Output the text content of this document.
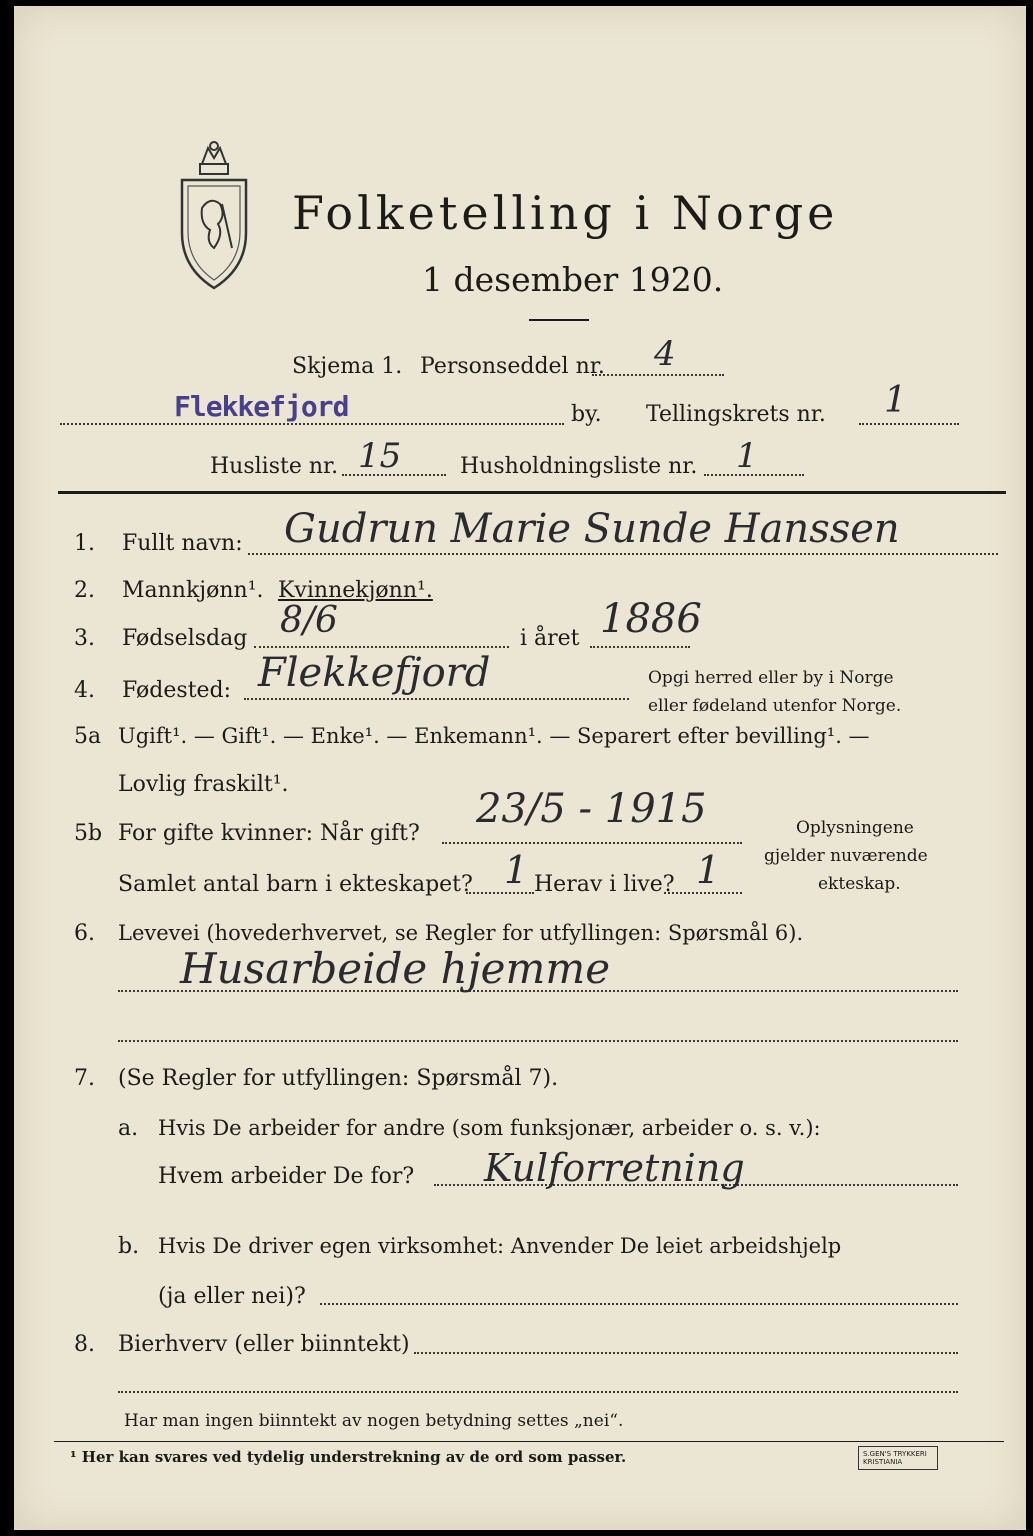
Folketelling i Norge
1 desember 1920.
Skjema 1. Personseddel nr. 4
Flekkefjord	by. Tellingskrets nr. 1
Husliste nr. 15	Husholdningsliste nr. 1
1. Fullt navn: Gudrun Marie Sunde Hanssen
2. Mannkjønn¹. Kvinnekjønn¹.
3. Fødselsdag 8/6	i året 1886
4. Fødested: Flekkefjord	Opgi herred eller by i Norge
eller fødeland utenfor Norge.
5a Ugift¹. — Gift¹. — Enke¹. — Enkemann¹. — Separert efter bevilling¹. —
Lovlig fraskilt¹.
5b For gifte kvinner: Når gift?
23/5 - 1915
Samlet antal barn i ekteskapet? 1 Herav i live? 1
Oplysningene
gjelder nuværende
ekteskap.
6. Levevei (hovederhvervet, se Regler for utfyllingen: Spørsmål 6).
Husarbeide hjemme
7. (Se Regler for utfyllingen: Spørsmål 7).
a. Hvis De arbeider for andre (som funksjonær, arbeider o. s. v.):
Hvem arbeider De for? Kulforretning
b. Hvis De driver egen virksomhet: Anvender De leiet arbeidshjelp
(ja eller nei)?
8. Bierhverv (eller biinntekt)
Har man ingen biinntekt av nogen betydning settes „nei“.
¹ Her kan svares ved tydelig understrekning av de ord som passer.	S.GEN'S TRYKKERI KRISTIANIA
